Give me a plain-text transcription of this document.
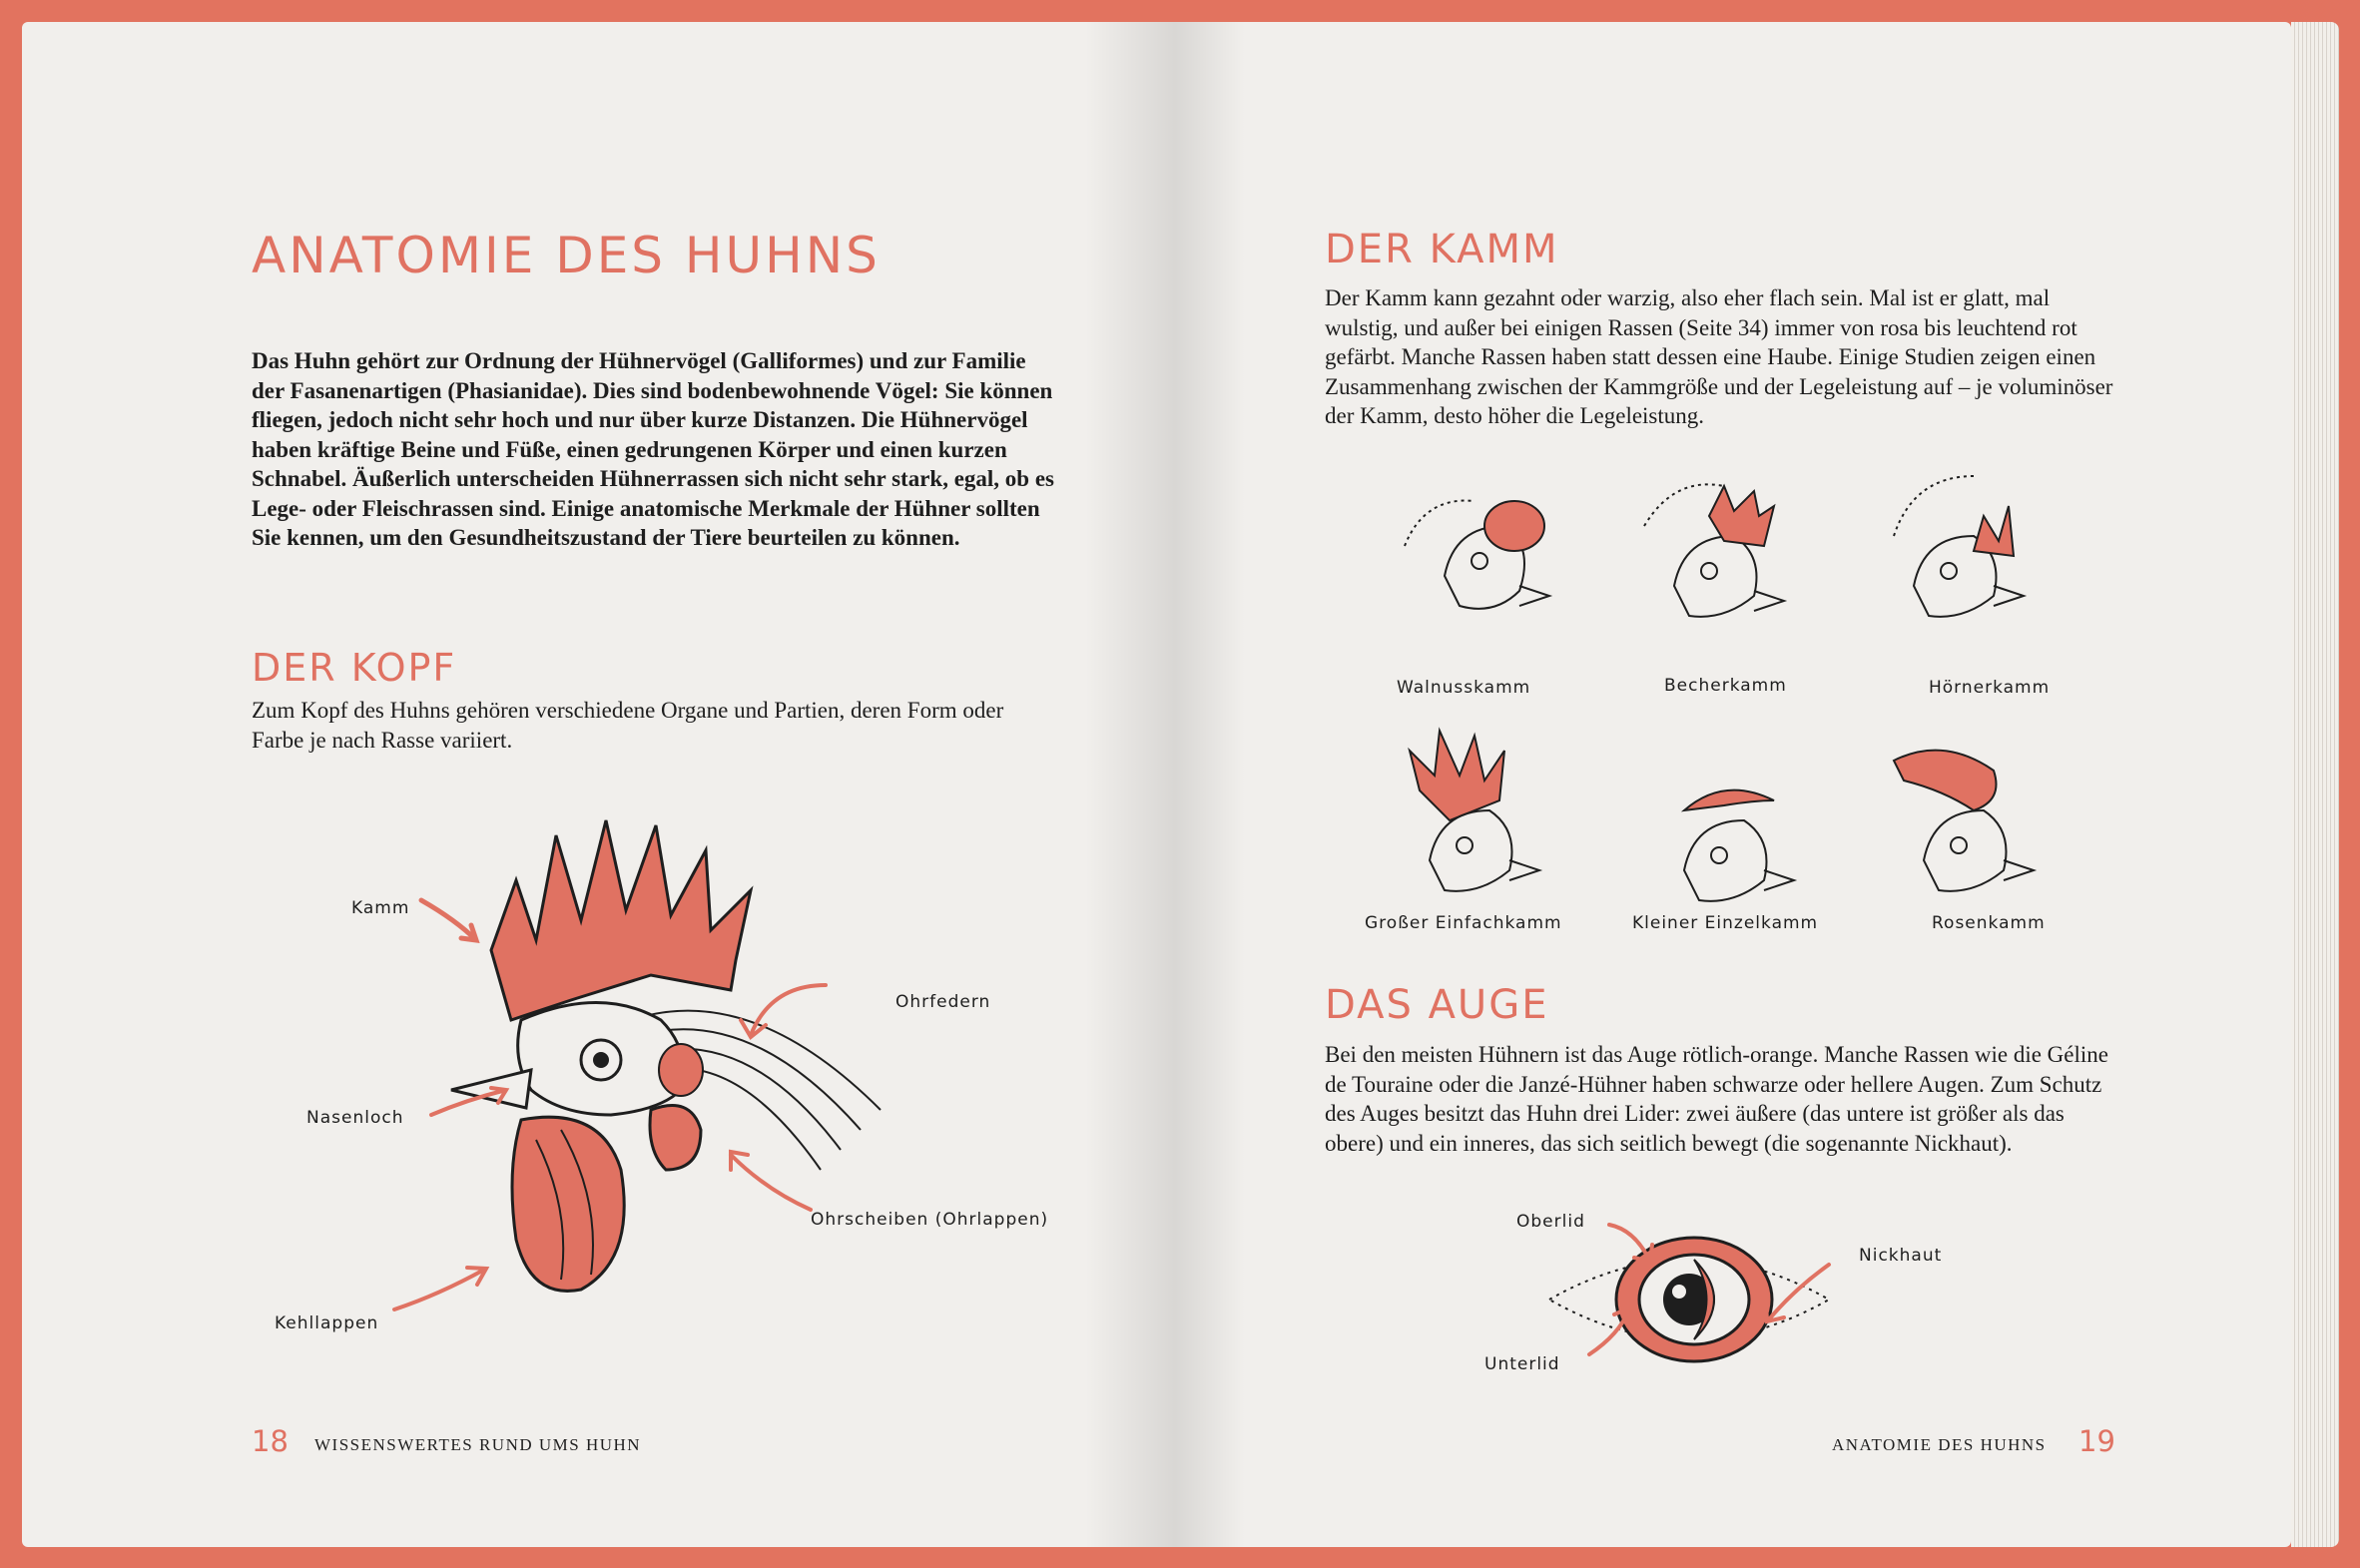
ANATOMIE DES HUHNS

Das Huhn gehört zur Ordnung der Hühnervögel (Galliformes) und zur Familie der Fasanenartigen (Phasianidae). Dies sind bodenbewohnende Vögel: Sie können fliegen, jedoch nicht sehr hoch und nur über kurze Distanzen. Die Hühnervögel haben kräftige Beine und Füße, einen gedrungenen Körper und einen kurzen Schnabel. Äußerlich unterscheiden Hühnerrassen sich nicht sehr stark, egal, ob es Lege- oder Fleischrassen sind. Einige anatomische Merkmale der Hühner sollten Sie kennen, um den Gesundheitszustand der Tiere beurteilen zu können.

DER KOPF

Zum Kopf des Huhns gehören verschiedene Organe und Partien, deren Form oder Farbe je nach Rasse variiert.

Kamm

Ohrfedern

Nasenloch

Ohrscheiben (Ohrlappen)

Kehllappen

18 WISSENSWERTES RUND UMS HUHN
DER KAMM

Der Kamm kann gezahnt oder warzig, also eher flach sein. Mal ist er glatt, mal wulstig, und außer bei einigen Rassen (Seite 34) immer von rosa bis leuchtend rot gefärbt. Manche Rassen haben statt dessen eine Haube. Einige Studien zeigen einen Zusammenhang zwischen der Kammgröße und der Legeleistung auf – je voluminöser der Kamm, desto höher die Legeleistung.

Walnusskamm	Becherkamm	Hörnerkamm

Großer Einfachkamm	Kleiner Einzelkamm	Rosenkamm

DAS AUGE

Bei den meisten Hühnern ist das Auge rötlich-orange. Manche Rassen wie die Géline de Touraine oder die Janzé-Hühner haben schwarze oder hellere Augen. Zum Schutz des Auges besitzt das Huhn drei Lider: zwei äußere (das untere ist größer als das obere) und ein inneres, das sich seitlich bewegt (die sogenannte Nickhaut).

Oberlid

Unterlid

Nickhaut

ANATOMIE DES HUHNS 19
